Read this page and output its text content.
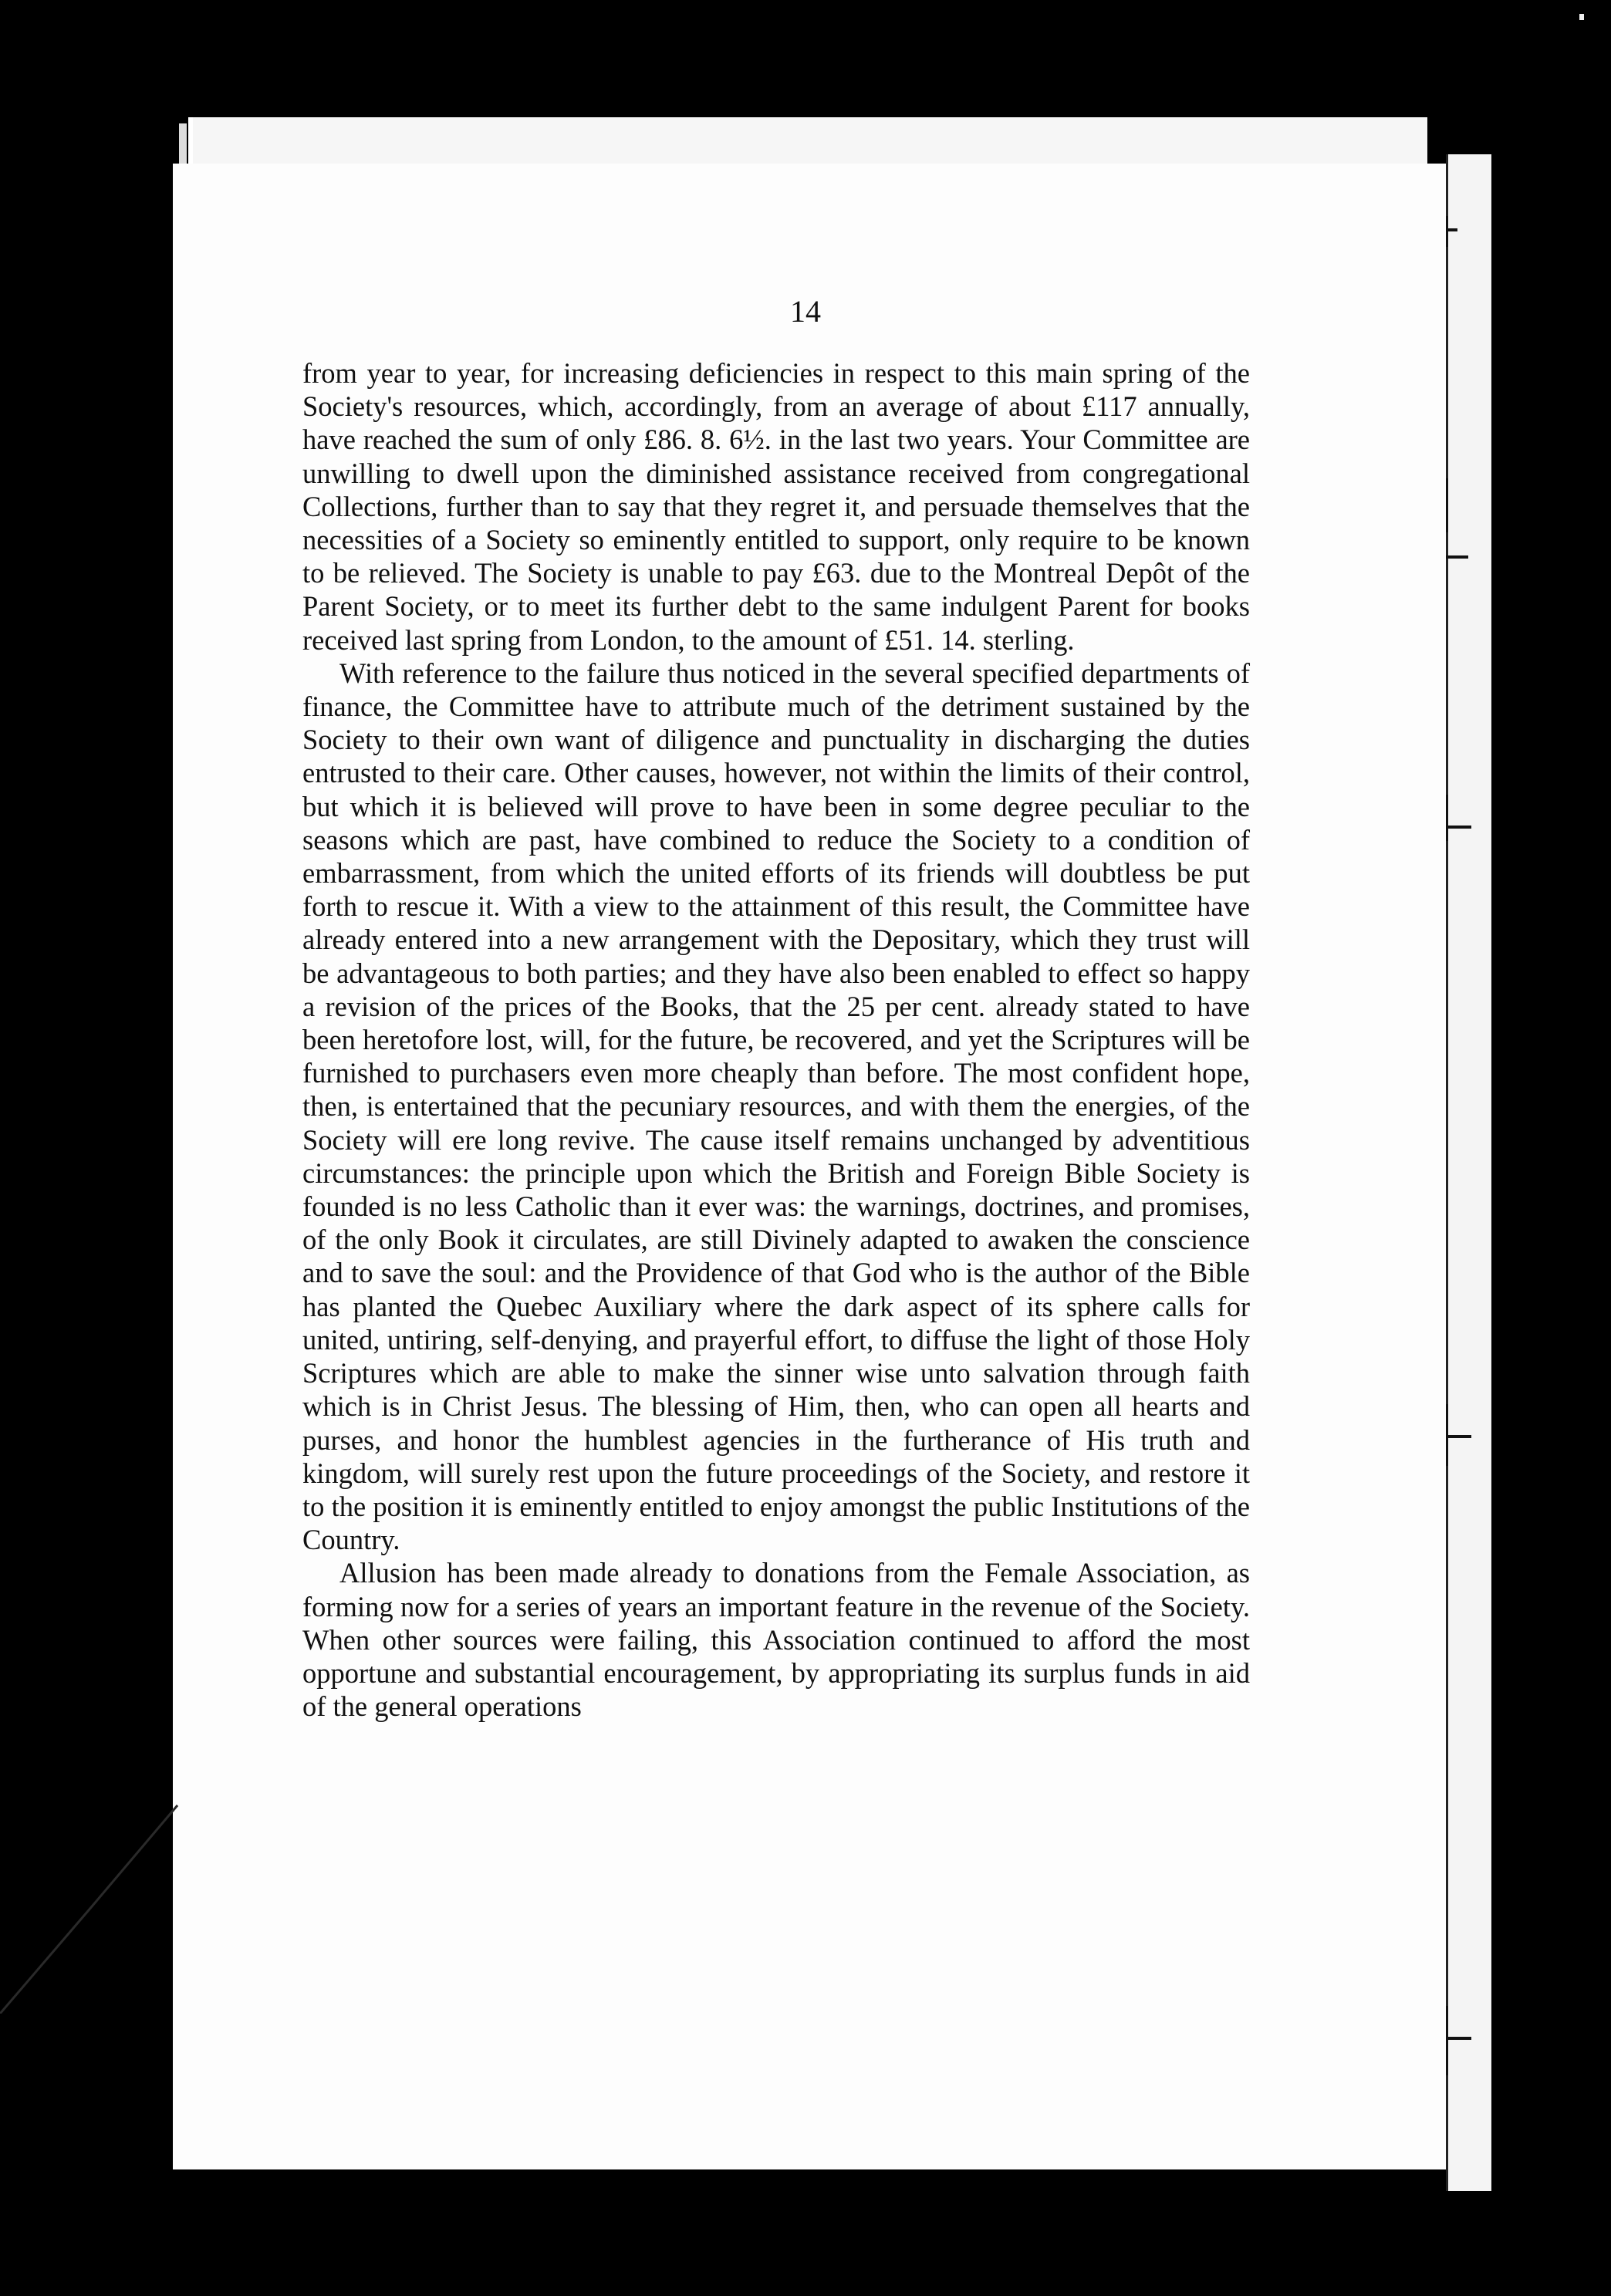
14

from year to year, for increasing deficiencies in respect to this main spring of the Society's resources, which, accordingly, from an average of about £117 annually, have reached the sum of only £86. 8. 6½. in the last two years. Your Committee are unwilling to dwell upon the diminished assistance received from congregational Collections, further than to say that they regret it, and persuade themselves that the necessities of a Society so eminently entitled to support, only require to be known to be relieved. The Society is unable to pay £63. due to the Montreal Depôt of the Parent Society, or to meet its further debt to the same indulgent Parent for books received last spring from London, to the amount of £51. 14. sterling.

With reference to the failure thus noticed in the several specified departments of finance, the Committee have to attribute much of the detriment sustained by the Society to their own want of diligence and punctuality in discharging the duties entrusted to their care. Other causes, however, not within the limits of their control, but which it is believed will prove to have been in some degree peculiar to the seasons which are past, have combined to reduce the Society to a condition of embarrassment, from which the united efforts of its friends will doubtless be put forth to rescue it. With a view to the attainment of this result, the Committee have already entered into a new arrangement with the Depositary, which they trust will be advantageous to both parties; and they have also been enabled to effect so happy a revision of the prices of the Books, that the 25 per cent. already stated to have been heretofore lost, will, for the future, be recovered, and yet the Scriptures will be furnished to purchasers even more cheaply than before. The most confident hope, then, is entertained that the pecuniary resources, and with them the energies, of the Society will ere long revive. The cause itself remains unchanged by adventitious circumstances: the principle upon which the British and Foreign Bible Society is founded is no less Catholic than it ever was: the warnings, doctrines, and promises, of the only Book it circulates, are still Divinely adapted to awaken the conscience and to save the soul: and the Providence of that God who is the author of the Bible has planted the Quebec Auxiliary where the dark aspect of its sphere calls for united, untiring, self-denying, and prayerful effort, to diffuse the light of those Holy Scriptures which are able to make the sinner wise unto salvation through faith which is in Christ Jesus. The blessing of Him, then, who can open all hearts and purses, and honor the humblest agencies in the furtherance of His truth and kingdom, will surely rest upon the future proceedings of the Society, and restore it to the position it is eminently entitled to enjoy amongst the public Institutions of the Country.

Allusion has been made already to donations from the Female Association, as forming now for a series of years an important feature in the revenue of the Society. When other sources were failing, this Association continued to afford the most opportune and substantial encouragement, by appropriating its surplus funds in aid of the general operations
